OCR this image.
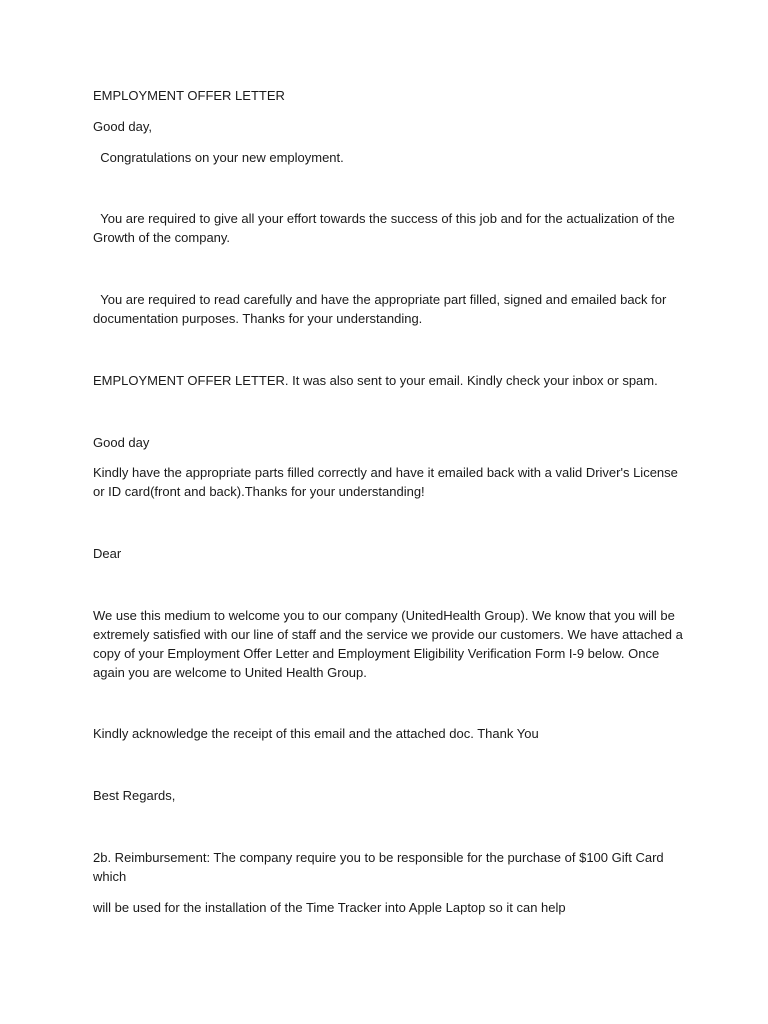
EMPLOYMENT OFFER LETTER

Good day,

Congratulations on your new employment.

You are required to give all your effort towards the success of this job and for the actualization of the Growth of the company.

You are required to read carefully and have the appropriate part filled, signed and emailed back for documentation purposes. Thanks for your understanding.

EMPLOYMENT OFFER LETTER. It was also sent to your email. Kindly check your inbox or spam.

Good day

Kindly have the appropriate parts filled correctly and have it emailed back with a valid Driver's License or ID card(front and back).Thanks for your understanding!

Dear

We use this medium to welcome you to our company (UnitedHealth Group). We know that you will be extremely satisfied with our line of staff and the service we provide our customers. We have attached a copy of your Employment Offer Letter and Employment Eligibility Verification Form I-9 below. Once again you are welcome to United Health Group.

Kindly acknowledge the receipt of this email and the attached doc. Thank You

Best Regards,

2b. Reimbursement: The company require you to be responsible for the purchase of $100 Gift Card which

will be used for the installation of the Time Tracker into Apple Laptop so it can help
